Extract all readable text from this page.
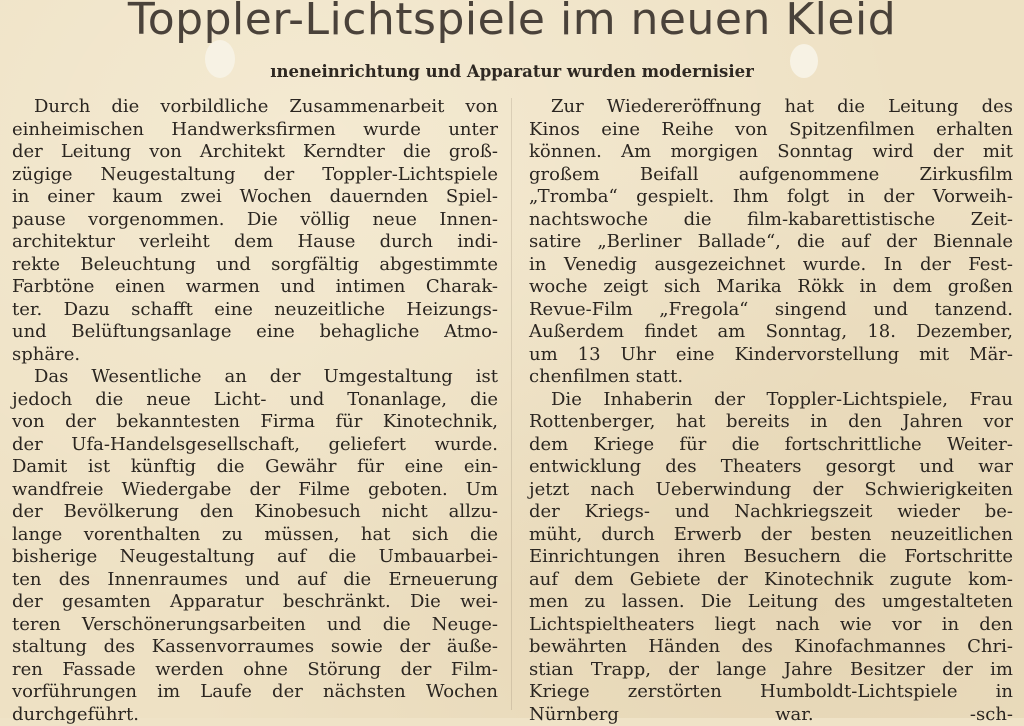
Toppler-Lichtspiele im neuen Kleid
ıneneinrichtung und Apparatur wurden modernisier
Durch die vorbildliche Zusammenarbeit von
einheimischen Handwerksfirmen wurde unter
der Leitung von Architekt Kerndter die groß-
zügige Neugestaltung der Toppler-Lichtspiele
in einer kaum zwei Wochen dauernden Spiel-
pause vorgenommen. Die völlig neue Innen-
architektur verleiht dem Hause durch indi-
rekte Beleuchtung und sorgfältig abgestimmte
Farbtöne einen warmen und intimen Charak-
ter. Dazu schafft eine neuzeitliche Heizungs-
und Belüftungsanlage eine behagliche Atmo-
sphäre.
Das Wesentliche an der Umgestaltung ist
jedoch die neue Licht- und Tonanlage, die
von der bekanntesten Firma für Kinotechnik,
der Ufa-Handelsgesellschaft, geliefert wurde.
Damit ist künftig die Gewähr für eine ein-
wandfreie Wiedergabe der Filme geboten. Um
der Bevölkerung den Kinobesuch nicht allzu-
lange vorenthalten zu müssen, hat sich die
bisherige Neugestaltung auf die Umbauarbei-
ten des Innenraumes und auf die Erneuerung
der gesamten Apparatur beschränkt. Die wei-
teren Verschönerungsarbeiten und die Neuge-
staltung des Kassenvorraumes sowie der äuße-
ren Fassade werden ohne Störung der Film-
vorführungen im Laufe der nächsten Wochen
durchgeführt.
Zur Wiedereröffnung hat die Leitung des
Kinos eine Reihe von Spitzenfilmen erhalten
können. Am morgigen Sonntag wird der mit
großem Beifall aufgenommene Zirkusfilm
„Tromba“ gespielt. Ihm folgt in der Vorweih-
nachtswoche die film-kabarettistische Zeit-
satire „Berliner Ballade“, die auf der Biennale
in Venedig ausgezeichnet wurde. In der Fest-
woche zeigt sich Marika Rökk in dem großen
Revue-Film „Fregola“ singend und tanzend.
Außerdem findet am Sonntag, 18. Dezember,
um 13 Uhr eine Kindervorstellung mit Mär-
chenfilmen statt.
Die Inhaberin der Toppler-Lichtspiele, Frau
Rottenberger, hat bereits in den Jahren vor
dem Kriege für die fortschrittliche Weiter-
entwicklung des Theaters gesorgt und war
jetzt nach Ueberwindung der Schwierigkeiten
der Kriegs- und Nachkriegszeit wieder be-
müht, durch Erwerb der besten neuzeitlichen
Einrichtungen ihren Besuchern die Fortschritte
auf dem Gebiete der Kinotechnik zugute kom-
men zu lassen. Die Leitung des umgestalteten
Lichtspieltheaters liegt nach wie vor in den
bewährten Händen des Kinofachmannes Chri-
stian Trapp, der lange Jahre Besitzer der im
Kriege zerstörten Humboldt-Lichtspiele in
Nürnberg war. -sch-
